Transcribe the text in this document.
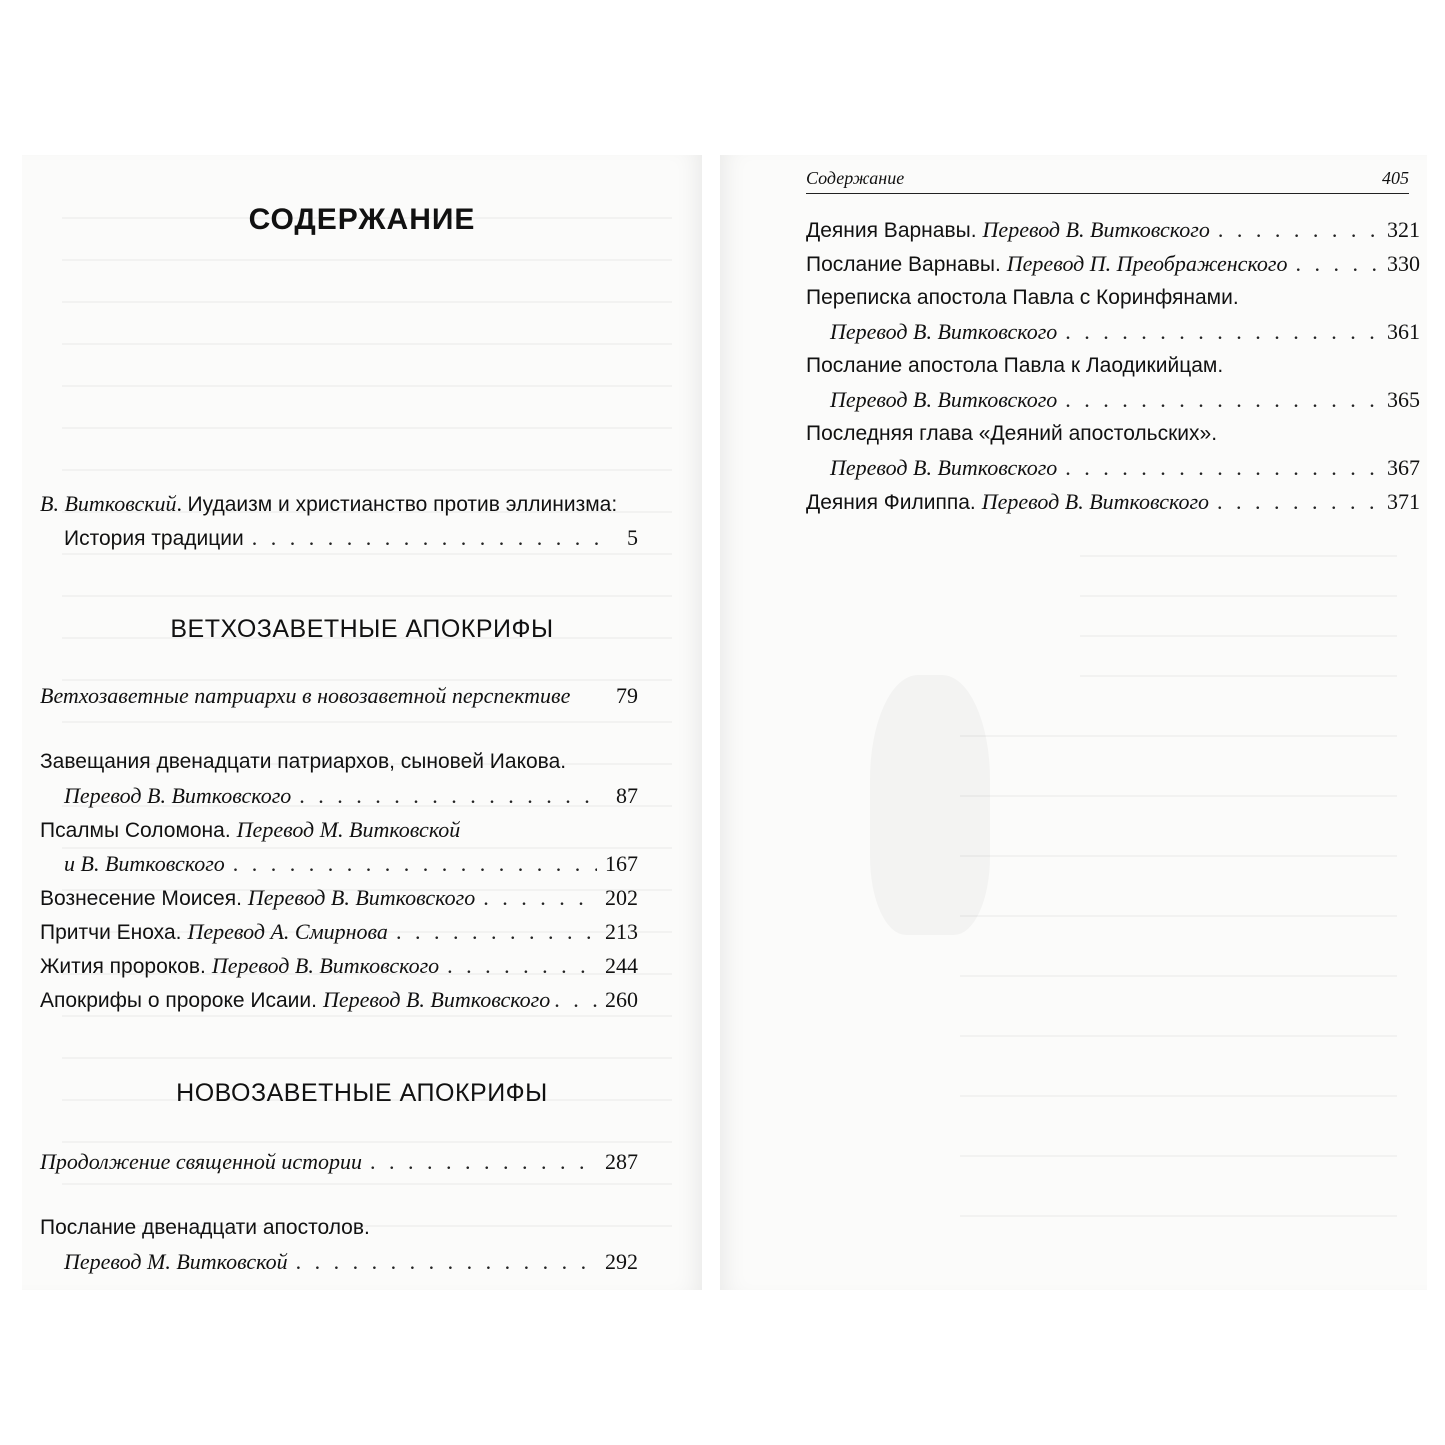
СОДЕРЖАНИЕ
В. Витковский . Иудаизм и христианство против эллинизма:
История традиции . . .	5
ВЕТХОЗАВЕТНЫЕ АПОКРИФЫ
Ветхозаветные патриархи в новозаветной перспективе 79
Завещания двенадцати патриархов, сыновей Иакова.
Перевод В. Витковского . . .	87
Псалмы Соломона. Перевод М. Витковской
и В. Витковского . . .	167
Вознесение Моисея. Перевод В. Витковского . . .	202
Притчи Еноха. Перевод А. Смирнова . . .	213
Жития пророков. Перевод В. Витковского . . .	244
Апокрифы о пророке Исаии. Перевод В. Витковского . . . 260
НОВОЗАВЕТНЫЕ АПОКРИФЫ
Продолжение священной истории . . .	287
Послание двенадцати апостолов.
Перевод М. Витковской . . .	292
Содержание	405
Деяния Варнавы. Перевод В. Витковского . . .	321
Послание Варнавы. Перевод П. Преображенского . . .	330
Переписка апостола Павла с Коринфянами.
Перевод В. Витковского . . .	361
Послание апостола Павла к Лаодикийцам.
Перевод В. Витковского . . .	365
Последняя глава «Деяний апостольских».
Перевод В. Витковского . . .	367
Деяния Филиппа. Перевод В. Витковского . . .	371
